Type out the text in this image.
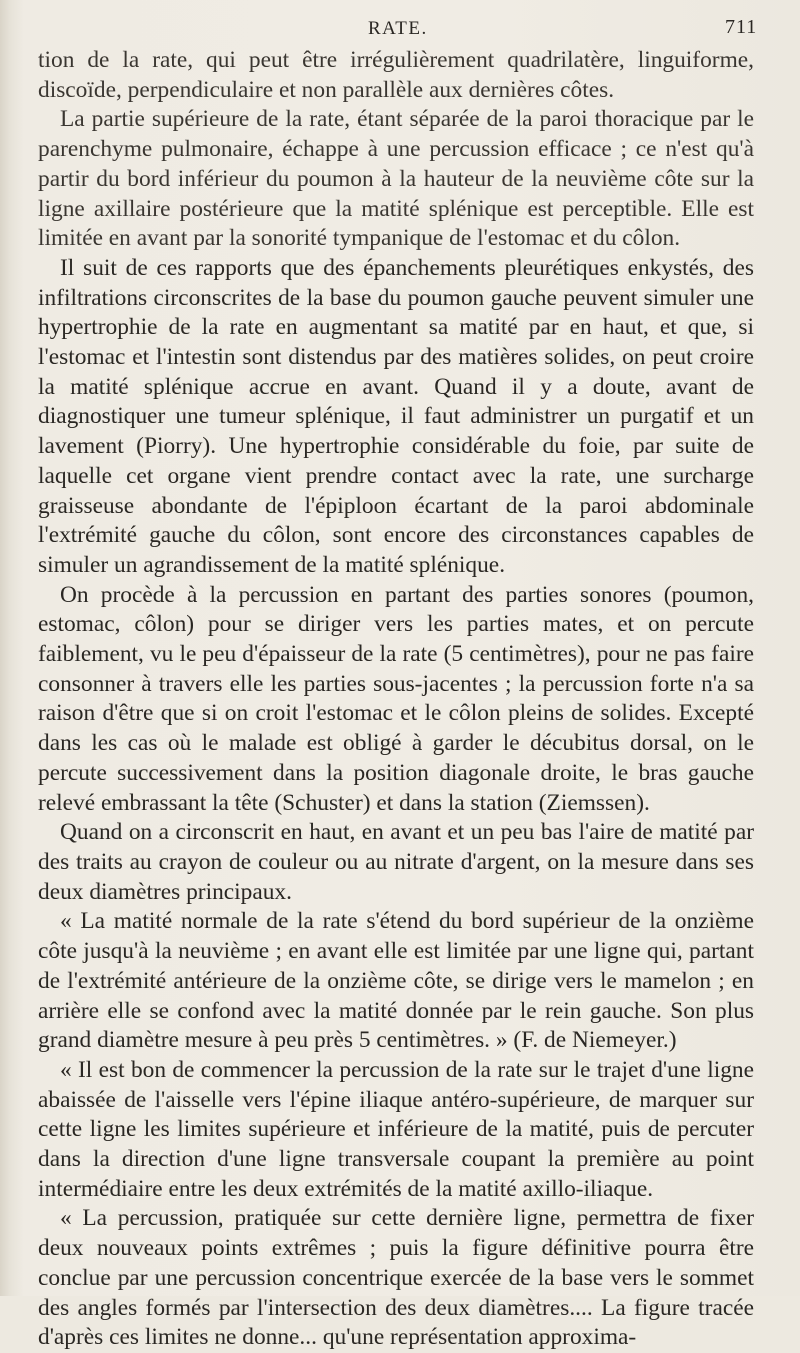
RATE.	711

tion de la rate, qui peut être irrégulièrement quadrilatère, linguiforme, discoïde, perpendiculaire et non parallèle aux dernières côtes.

La partie supérieure de la rate, étant séparée de la paroi thoracique par le parenchyme pulmonaire, échappe à une percussion efficace ; ce n'est qu'à partir du bord inférieur du poumon à la hauteur de la neuvième côte sur la ligne axillaire postérieure que la matité splénique est perceptible. Elle est limitée en avant par la sonorité tympanique de l'estomac et du côlon.

Il suit de ces rapports que des épanchements pleurétiques enkystés, des infiltrations circonscrites de la base du poumon gauche peuvent simuler une hypertrophie de la rate en augmentant sa matité par en haut, et que, si l'estomac et l'intestin sont distendus par des matières solides, on peut croire la matité splénique accrue en avant. Quand il y a doute, avant de diagnostiquer une tumeur splénique, il faut administrer un purgatif et un lavement (Piorry). Une hypertrophie considérable du foie, par suite de laquelle cet organe vient prendre contact avec la rate, une surcharge graisseuse abondante de l'épiploon écartant de la paroi abdominale l'extrémité gauche du côlon, sont encore des circonstances capables de simuler un agrandissement de la matité splénique.

On procède à la percussion en partant des parties sonores (poumon, estomac, côlon) pour se diriger vers les parties mates, et on percute faiblement, vu le peu d'épaisseur de la rate (5 centimètres), pour ne pas faire consonner à travers elle les parties sous-jacentes ; la percussion forte n'a sa raison d'être que si on croit l'estomac et le côlon pleins de solides. Excepté dans les cas où le malade est obligé à garder le décubitus dorsal, on le percute successivement dans la position diagonale droite, le bras gauche relevé embrassant la tête (Schuster) et dans la station (Ziemssen).

Quand on a circonscrit en haut, en avant et un peu bas l'aire de matité par des traits au crayon de couleur ou au nitrate d'argent, on la mesure dans ses deux diamètres principaux.

« La matité normale de la rate s'étend du bord supérieur de la onzième côte jusqu'à la neuvième ; en avant elle est limitée par une ligne qui, partant de l'extrémité antérieure de la onzième côte, se dirige vers le mamelon ; en arrière elle se confond avec la matité donnée par le rein gauche. Son plus grand diamètre mesure à peu près 5 centimètres. » (F. de Niemeyer.)

« Il est bon de commencer la percussion de la rate sur le trajet d'une ligne abaissée de l'aisselle vers l'épine iliaque antéro-supérieure, de marquer sur cette ligne les limites supérieure et inférieure de la matité, puis de percuter dans la direction d'une ligne transversale coupant la première au point intermédiaire entre les deux extrémités de la matité axillo-iliaque.

« La percussion, pratiquée sur cette dernière ligne, permettra de fixer deux nouveaux points extrêmes ; puis la figure définitive pourra être conclue par une percussion concentrique exercée de la base vers le sommet des angles formés par l'intersection des deux diamètres.... La figure tracée d'après ces limites ne donne... qu'une représentation approxima-
